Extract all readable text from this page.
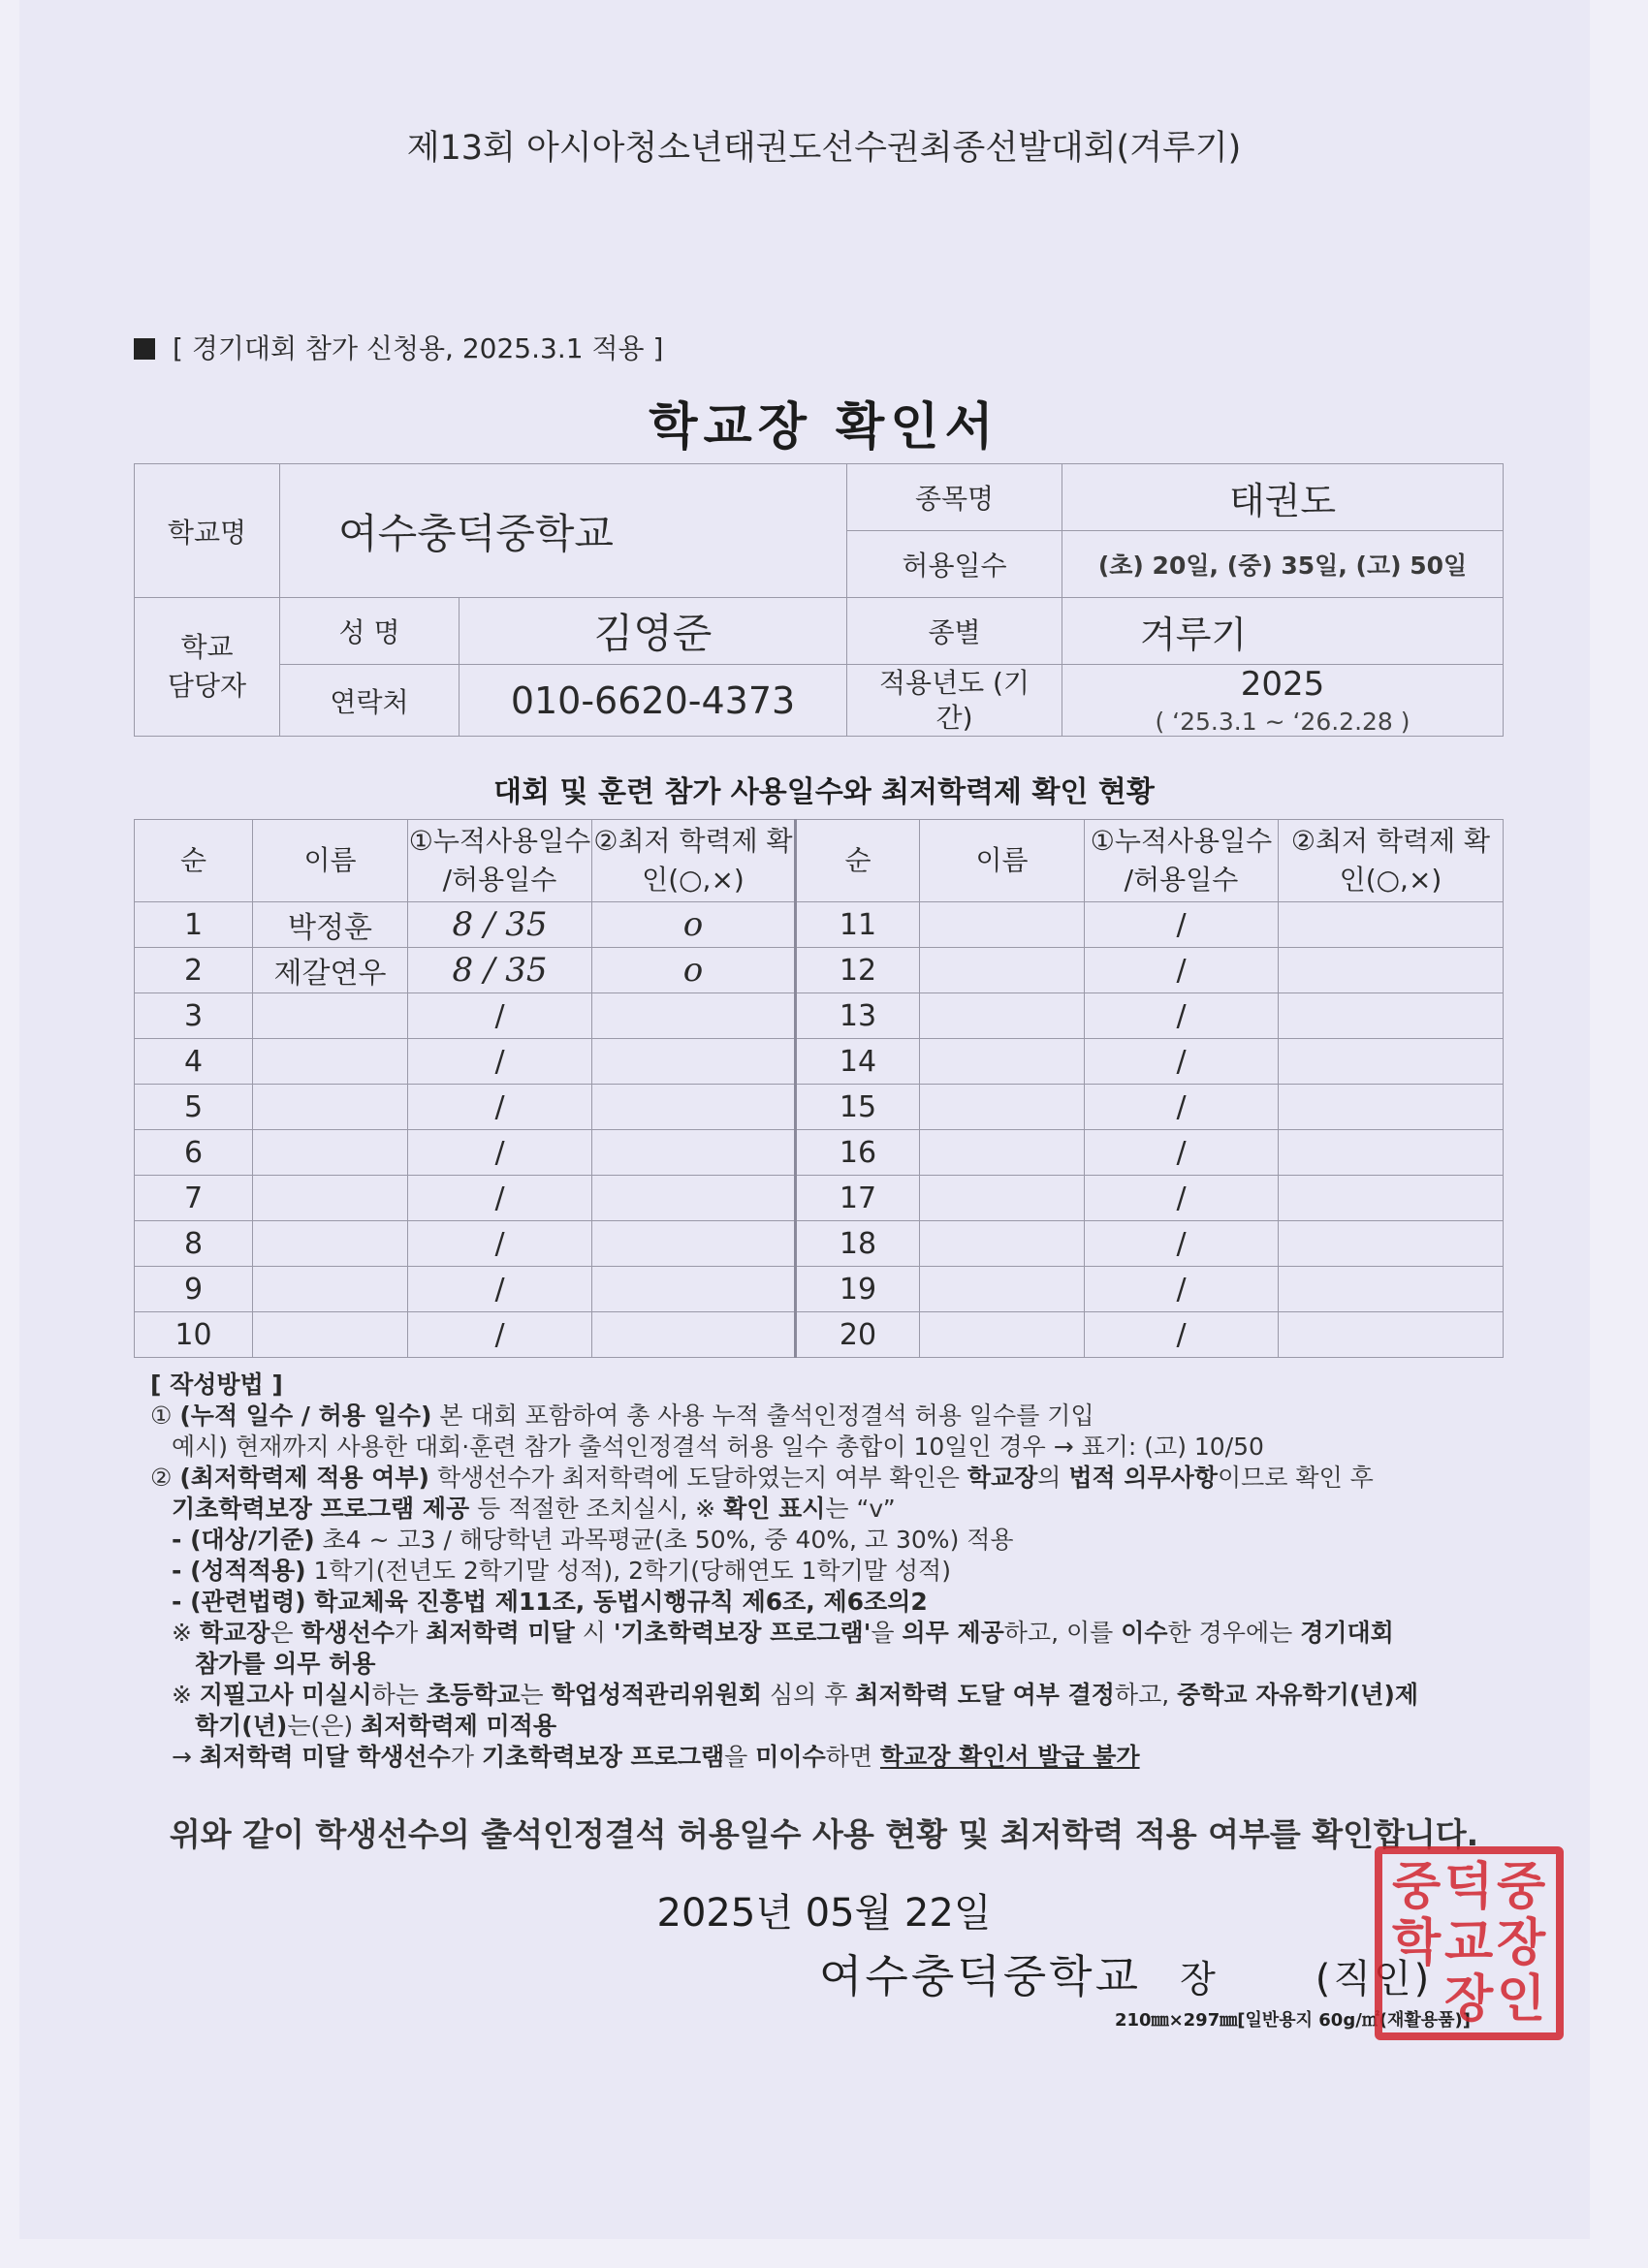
제13회 아시아청소년태권도선수권최종선발대회(겨루기)
[ 경기대회 참가 신청용, 2025.3.1 적용 ]
학교장 확인서
학교명	여수충덕중학교		종목명	태권도
			허용일수	(초) 20일, (중) 35일, (고) 50일
학교 담당자	성 명	김영준	종별	겨루기
	연락처	010-6620-4373	적용년도 (기간)	2025
( ‘25.3.1 ~ ‘26.2.28 )
대회 및 훈련 참가 사용일수와 최저학력제 확인 현황
순	이름	①누적사용일수 /허용일수	②최저 학력제 확인(○,×)	순	이름	①누적사용일수 /허용일수	②최저 학력제 확인(○,×)
1	박정훈	8 / 35	o	11		/	
2	제갈연우	8 / 35	o	12		/	
3		/		13		/	
4		/		14		/	
5		/		15		/	
6		/		16		/	
7		/		17		/	
8		/		18		/	
9		/		19		/	
10		/		20		/	

[ 작성방법 ]

① (누적 일수 / 허용 일수) 본 대회 포함하여 총 사용 누적 출석인정결석 허용 일수를 기입

예시) 현재까지 사용한 대회·훈련 참가 출석인정결석 허용 일수 총합이 10일인 경우 → 표기: (고) 10/50

② (최저학력제 적용 여부) 학생선수가 최저학력에 도달하였는지 여부 확인은 학교장의 법적 의무사항이므로 확인 후

기초학력보장 프로그램 제공 등 적절한 조치실시, ※ 확인 표시는 “v”

- (대상/기준) 초4 ~ 고3 / 해당학년 과목평균(초 50%, 중 40%, 고 30%) 적용

- (성적적용) 1학기(전년도 2학기말 성적), 2학기(당해연도 1학기말 성적)

- (관련법령) 학교체육 진흥법 제11조, 동법시행규칙 제6조, 제6조의2

※ 학교장은 학생선수가 최저학력 미달 시 '기초학력보장 프로그램'을 의무 제공하고, 이를 이수한 경우에는 경기대회

참가를 의무 허용

※ 지필고사 미실시하는 초등학교는 학업성적관리위원회 심의 후 최저학력 도달 여부 결정하고, 중학교 자유학기(년)제

학기(년)는(은) 최저학력제 미적용

→ 최저학력 미달 학생선수가 기초학력보장 프로그램을 미이수하면 학교장 확인서 발급 불가

위와 같이 학생선수의 출석인정결석 허용일수 사용 현황 및 최저학력 적용 여부를 확인합니다.
2025년 05월 22일
여수충덕중학교 장	(직인)
210㎜×297㎜[일반용지 60g/㎡(재활용품)]
중 덕 중
학 교 장
장 인
